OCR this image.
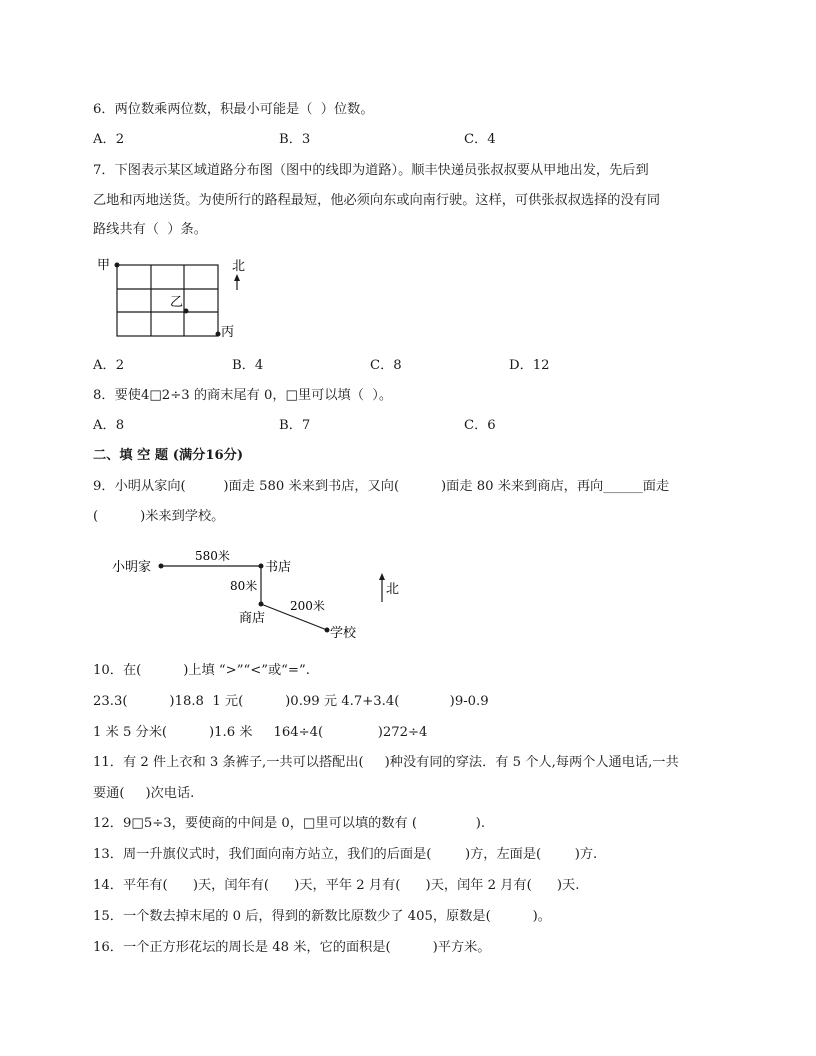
6．两位数乘两位数，积最小可能是（  ）位数。
A．2	B．3	C．4
7．下图表示某区域道路分布图（图中的线即为道路）。顺丰快递员张叔叔要从甲地出发，先后到
乙地和丙地送货。为使所行的路程最短，他必须向东或向南行驶。这样，可供张叔叔选择的没有同
路线共有（  ）条。
甲
乙
丙
北
A．2	B．4	C．8	D．12
8．要使4□2÷3 的商末尾有 0，□里可以填（  ）。
A．8	B．7	C．6
二、填 空 题 (满分16分)
9．小明从家向(         )面走 580 米来到书店，又向(          )面走 80 米来到商店，再向______面走
(          )米来到学校。
小明家	书店
商店
学校
580米
80米
200米
北
10．在(          )上填 “>”“<”或“=”.
23.3(          )18.8  1 元(          )0.99 元 4.7+3.4(            )9-0.9
1 米 5 分米(          )1.6 米     164÷4(             )272÷4
11．有 2 件上衣和 3 条裤子,一共可以搭配出(     )种没有同的穿法．有 5 个人,每两个人通电话,一共
要通(     )次电话.
12．9□5÷3，要使商的中间是 0，□里可以填的数有 (              ).
13．周一升旗仪式时，我们面向南方站立，我们的后面是(        )方，左面是(        )方.
14．平年有(      )天，闰年有(      )天，平年 2 月有(      )天，闰年 2 月有(      )天.
15．一个数去掉末尾的 0 后，得到的新数比原数少了 405，原数是(          )。
16．一个正方形花坛的周长是 48 米，它的面积是(          )平方米。
